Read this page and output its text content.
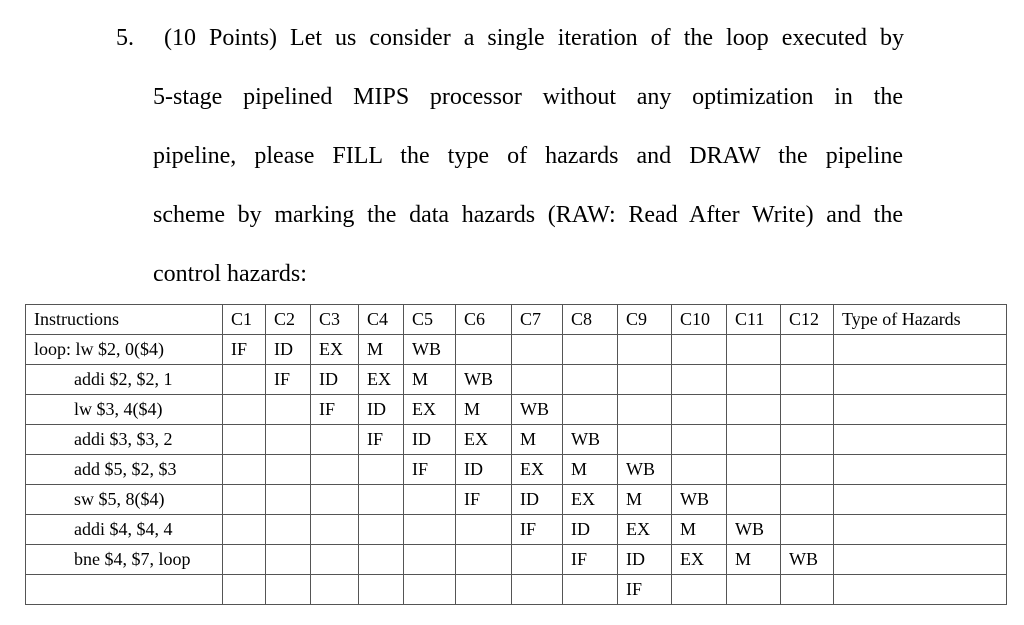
5. (10 Points) Let us consider a single iteration of the loop executed by
5-stage pipelined MIPS processor without any optimization in the
pipeline, please FILL the type of hazards and DRAW the pipeline
scheme by marking the data hazards (RAW: Read After Write) and the
control hazards:
Instructions	C1	C2	C3	C4	C5	C6	C7	C8	C9	C10	C11	C12	Type of Hazards
loop: lw $2, 0($4)	IF	ID	EX	M	WB								
addi $2, $2, 1		IF	ID	EX	M	WB							
lw $3, 4($4)			IF	ID	EX	M	WB						
addi $3, $3, 2				IF	ID	EX	M	WB					
add $5, $2, $3					IF	ID	EX	M	WB				
sw $5, 8($4)						IF	ID	EX	M	WB			
addi $4, $4, 4							IF	ID	EX	M	WB		
bne $4, $7, loop								IF	ID	EX	M	WB	
									IF				
